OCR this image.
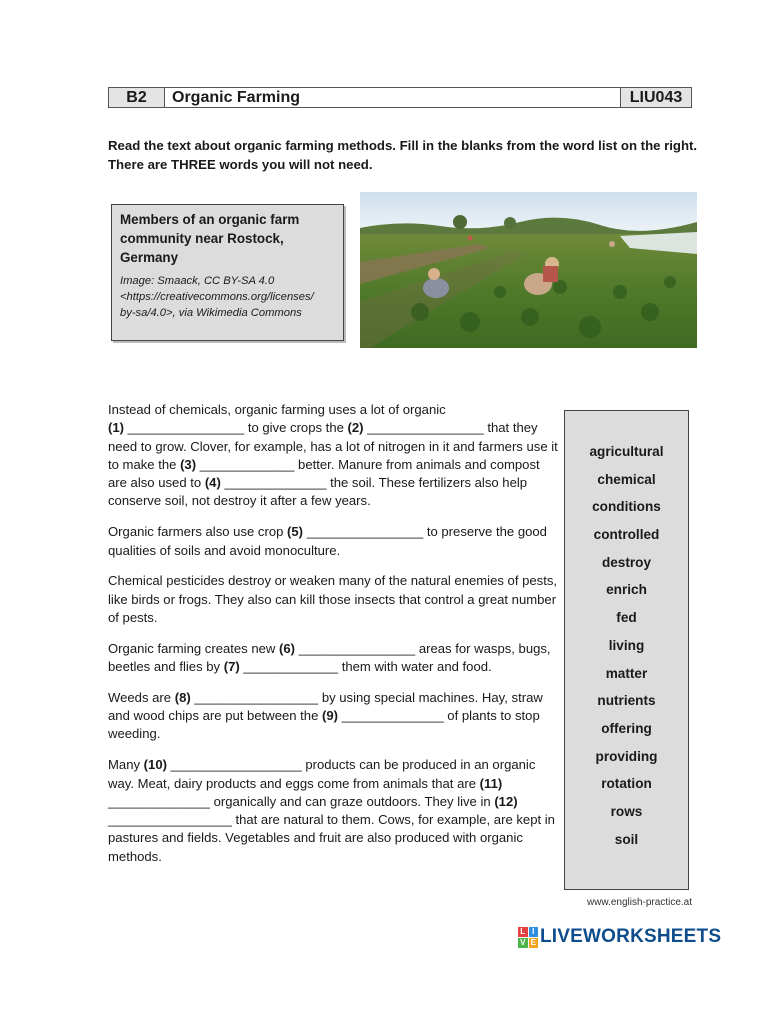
B2	Organic Farming	LIU043
Read the text about organic farming methods. Fill in the blanks from the word list on the right. There are THREE words you will not need.
Members of an organic farm community near Rostock, Germany
Image: Smaack, CC BY-SA 4.0
<https://creativecommons.org/licenses/
by-sa/4.0>, via Wikimedia Commons

Instead of chemicals, organic farming uses a lot of organic
(1) ________________ to give crops the (2) ________________ that they need to grow. Clover, for example, has a lot of nitrogen in it and farmers use it to make the (3) _____________ better. Manure from animals and compost are also used to (4) ______________ the soil. These fertilizers also help conserve soil, not destroy it after a few years.

Organic farmers also use crop (5) ________________ to preserve the good qualities of soils and avoid monoculture.

Chemical pesticides destroy or weaken many of the natural enemies of pests, like birds or frogs. They also can kill those insects that control a great number of pests.

Organic farming creates new (6) ________________ areas for wasps, bugs, beetles and flies by (7) _____________ them with water and food.

Weeds are (8) _________________ by using special machines. Hay, straw and wood chips are put between the (9) ______________ of plants to stop weeding.

Many (10) __________________ products can be produced in an organic way. Meat, dairy products and eggs come from animals that are (11)
______________ organically and can graze outdoors. They live in (12)
_________________ that are natural to them. Cows, for example, are kept in pastures and fields. Vegetables and fruit are also produced with organic methods.

agricultural
chemical
conditions
controlled
destroy
enrich
fed
living
matter
nutrients
offering
providing
rotation
rows
soil
www.english-practice.at
L I
V E LIVEWORKSHEETS
